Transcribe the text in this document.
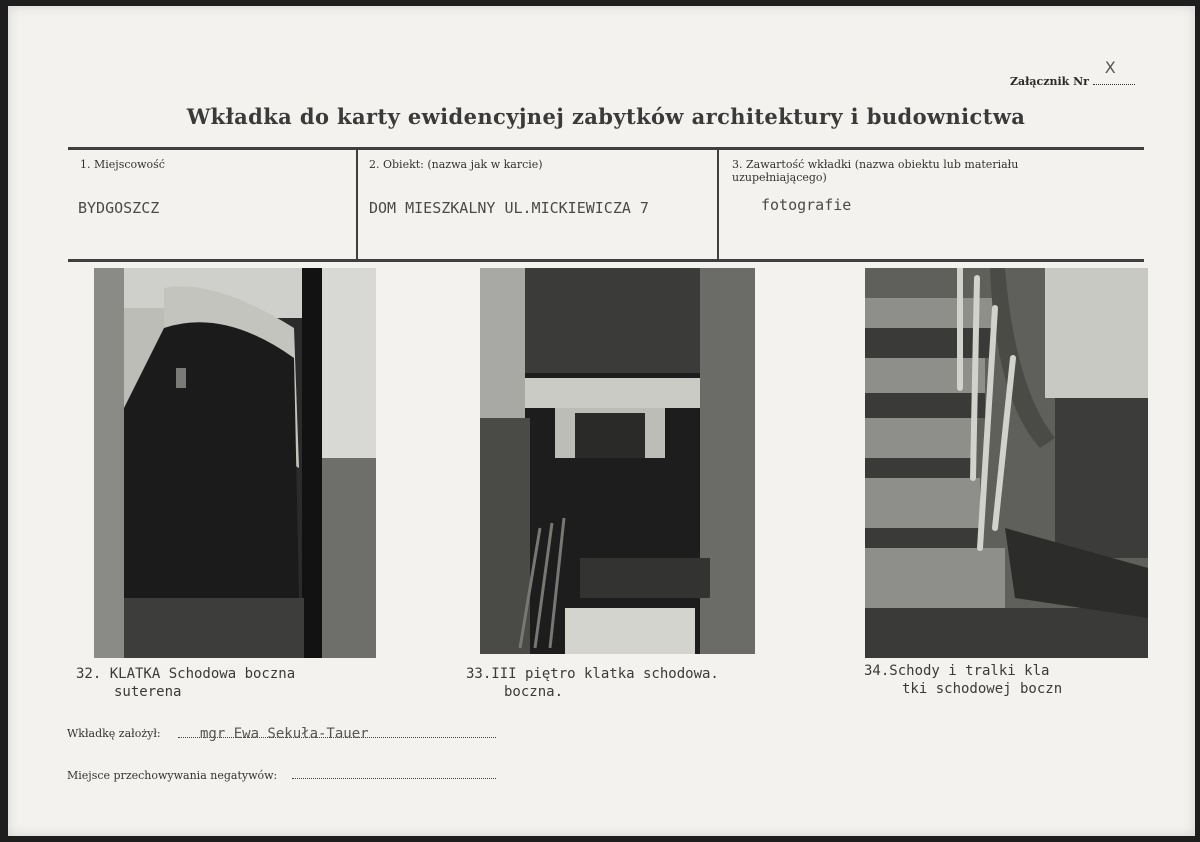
Załącznik Nr
X
Wkładka do karty ewidencyjnej zabytków architektury i budownictwa
1. Miejscowość
BYDGOSZCZ
2. Obiekt: (nazwa jak w karcie)
DOM MIESZKALNY UL.MICKIEWICZA 7
3. Zawartość wkładki (nazwa obiektu lub materiału uzupełniającego)
fotografie
32. KLATKA Schodowa boczna
suterena
33.III piętro klatka schodowa.
boczna.
34.Schody i tralki kla
tki schodowej boczn
Wkładkę założył:	mgr Ewa Sekuła-Tauer
Miejsce przechowywania negatywów:
